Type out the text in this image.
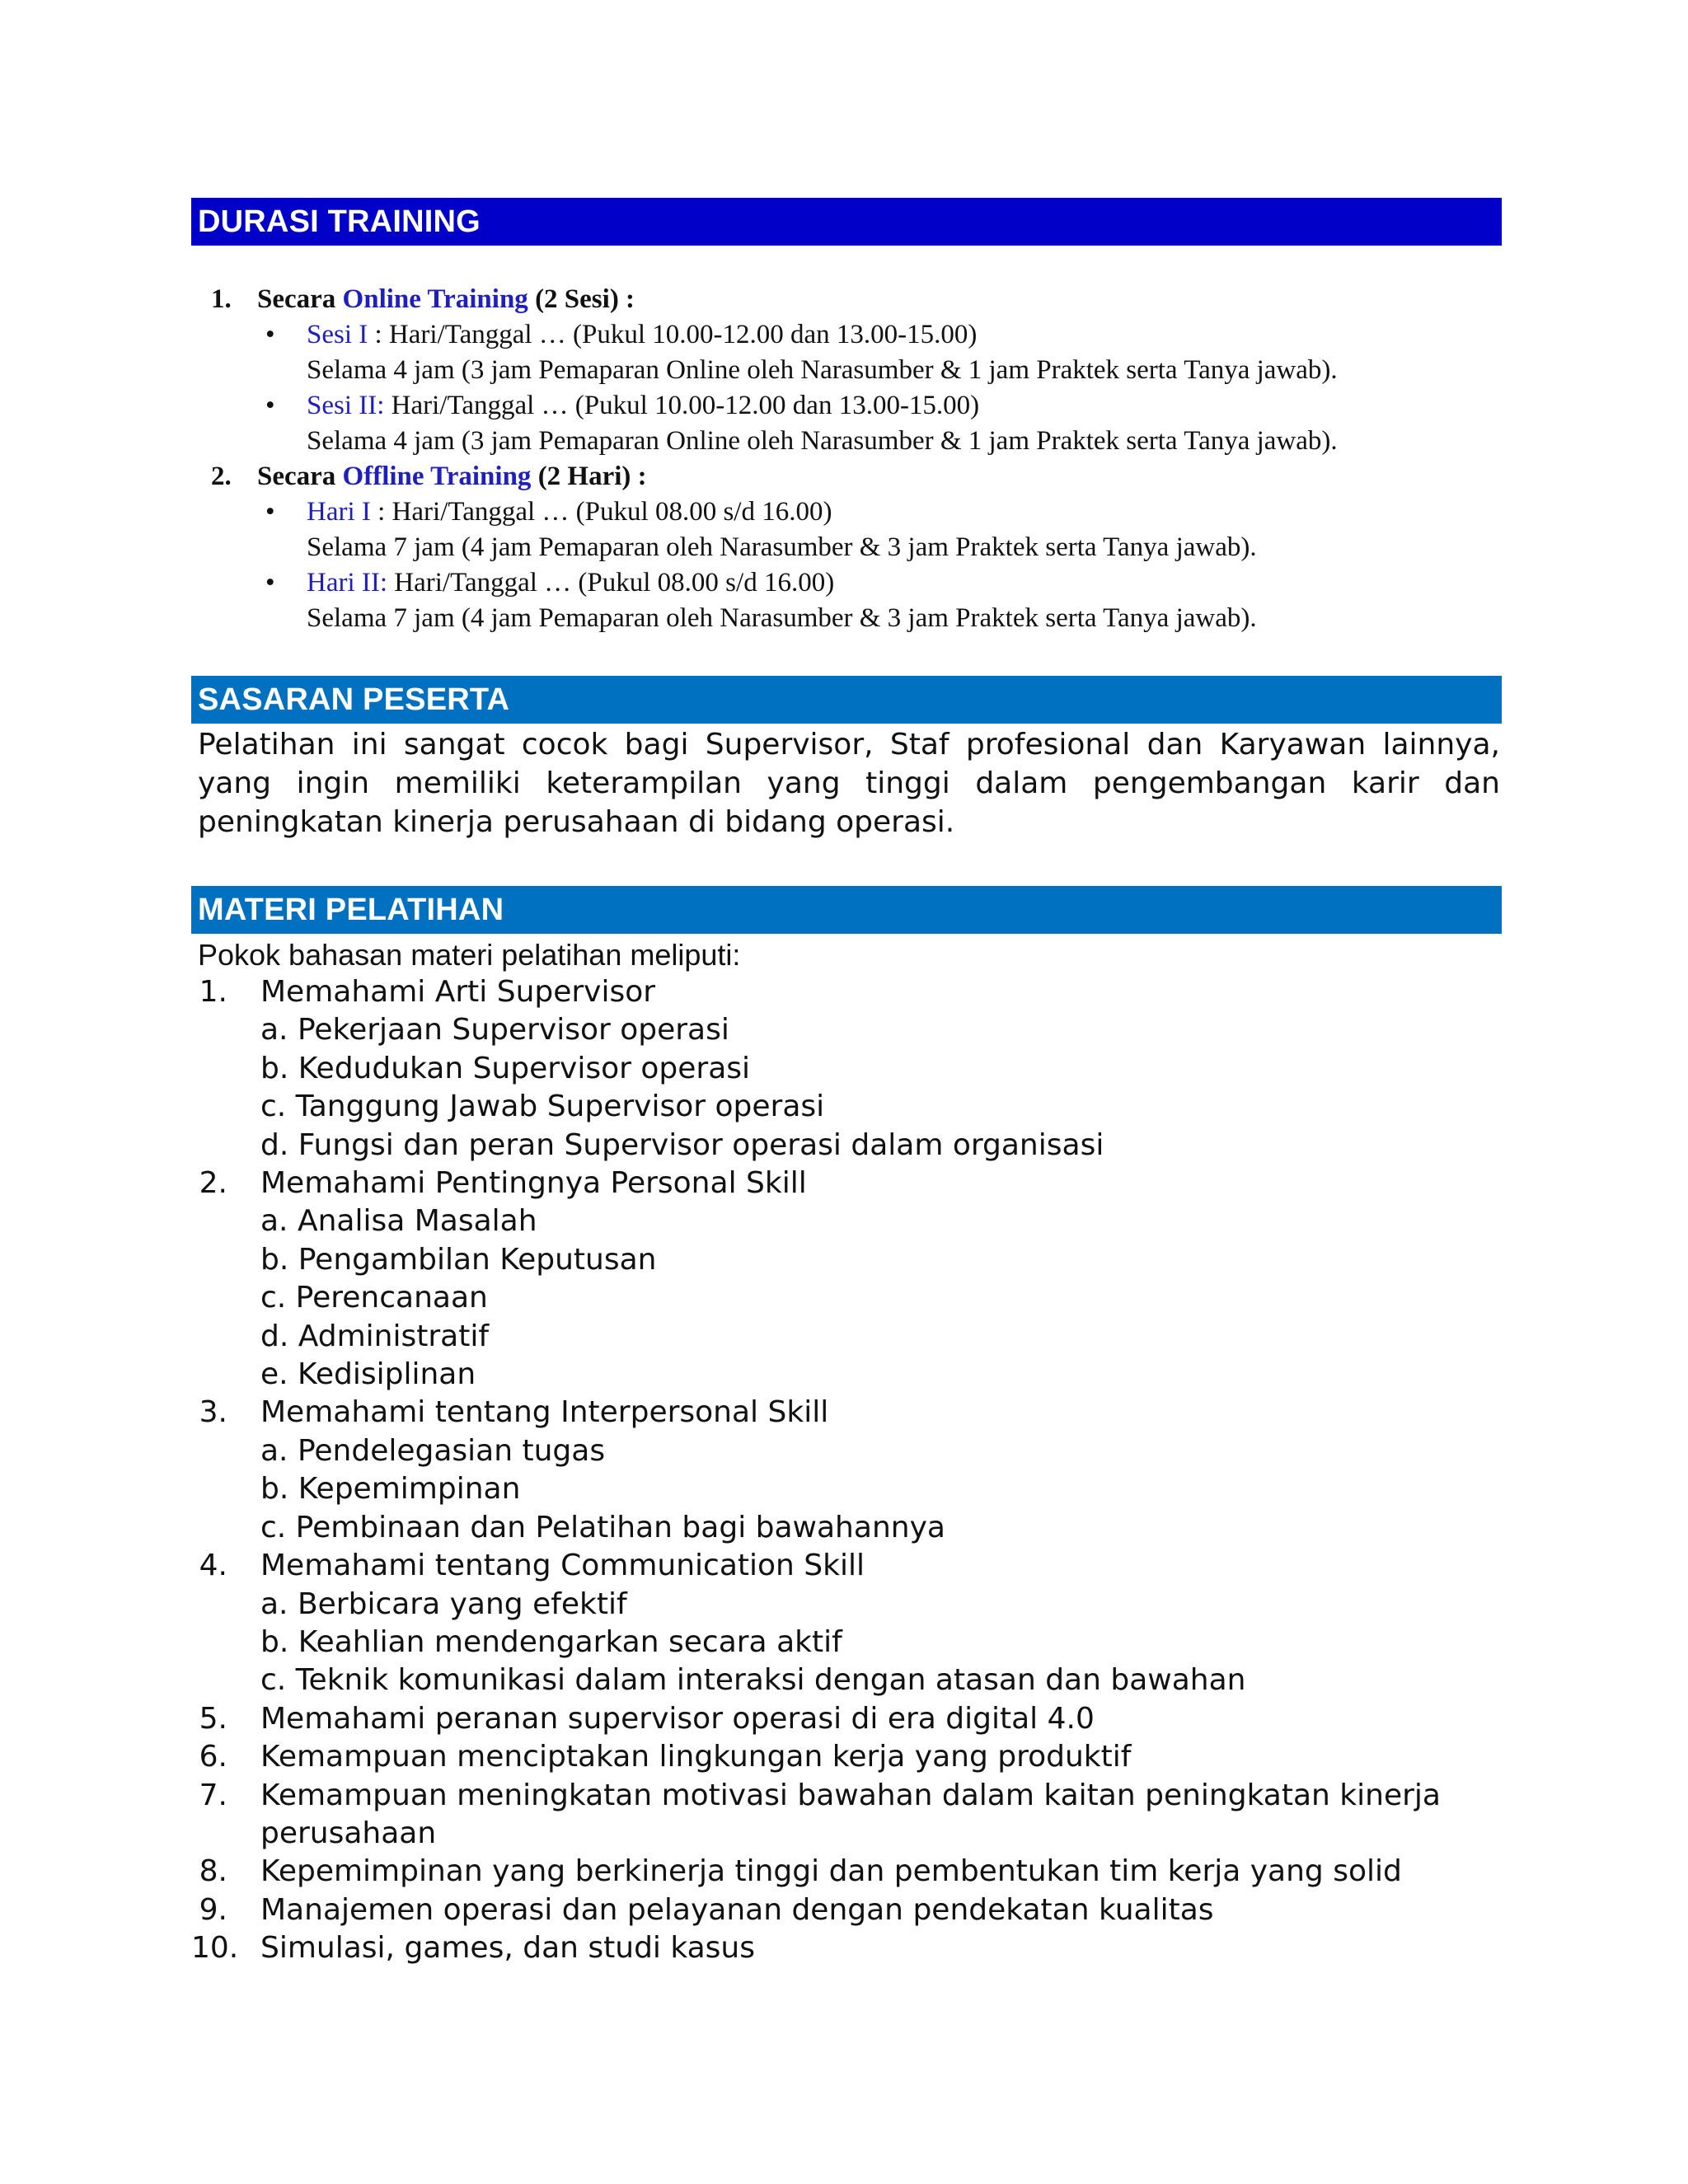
DURASI TRAINING
1. Secara Online Training (2 Sesi) :
• Sesi I : Hari/Tanggal … (Pukul 10.00-12.00 dan 13.00-15.00)
Selama 4 jam (3 jam Pemaparan Online oleh Narasumber & 1 jam Praktek serta Tanya jawab).
• Sesi II: Hari/Tanggal … (Pukul 10.00-12.00 dan 13.00-15.00)
Selama 4 jam (3 jam Pemaparan Online oleh Narasumber & 1 jam Praktek serta Tanya jawab).
2. Secara Offline Training (2 Hari) :
• Hari I : Hari/Tanggal … (Pukul 08.00 s/d 16.00)
Selama 7 jam (4 jam Pemaparan oleh Narasumber & 3 jam Praktek serta Tanya jawab).
• Hari II: Hari/Tanggal … (Pukul 08.00 s/d 16.00)
Selama 7 jam (4 jam Pemaparan oleh Narasumber & 3 jam Praktek serta Tanya jawab).
SASARAN PESERTA
Pelatihan ini sangat cocok bagi Supervisor, Staf profesional dan Karyawan lainnya, yang ingin memiliki keterampilan yang tinggi dalam pengembangan karir dan peningkatan kinerja perusahaan di bidang operasi.
MATERI PELATIHAN
Pokok bahasan materi pelatihan meliputi:
1. Memahami Arti Supervisor
a. Pekerjaan Supervisor operasi
b. Kedudukan Supervisor operasi
c. Tanggung Jawab Supervisor operasi
d. Fungsi dan peran Supervisor operasi dalam organisasi
2. Memahami Pentingnya Personal Skill
a. Analisa Masalah
b. Pengambilan Keputusan
c. Perencanaan
d. Administratif
e. Kedisiplinan
3. Memahami tentang Interpersonal Skill
a. Pendelegasian tugas
b. Kepemimpinan
c. Pembinaan dan Pelatihan bagi bawahannya
4. Memahami tentang Communication Skill
a. Berbicara yang efektif
b. Keahlian mendengarkan secara aktif
c. Teknik komunikasi dalam interaksi dengan atasan dan bawahan
5. Memahami peranan supervisor operasi di era digital 4.0
6. Kemampuan menciptakan lingkungan kerja yang produktif
7. Kemampuan meningkatan motivasi bawahan dalam kaitan peningkatan kinerja perusahaan
8. Kepemimpinan yang berkinerja tinggi dan pembentukan tim kerja yang solid
9. Manajemen operasi dan pelayanan dengan pendekatan kualitas
10. Simulasi, games, dan studi kasus
